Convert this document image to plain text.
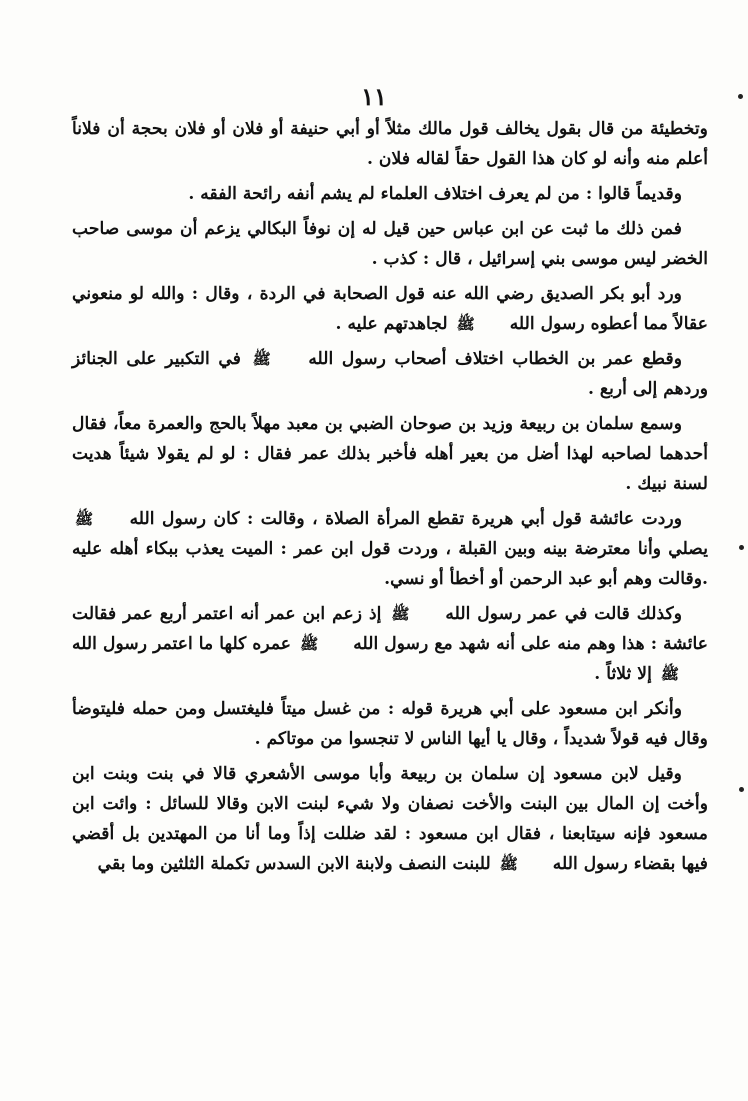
١١

وتخطيئة من قال بقول يخالف قول مالك مثلاً أو أبي حنيفة أو فلان أو فلان بحجة أن فلاناً أعلم منه وأنه لو كان هذا القول حقاً لقاله فلان .

وقديماً قالوا : من لم يعرف اختلاف العلماء لم يشم أنفه رائحة الفقه .

فمن ذلك ما ثبت عن ابن عباس حين قيل له إن نوفاً البكالي يزعم أن موسى صاحب الخضر ليس موسى بني إسرائيل ، قال : كذب .

ورد أبو بكر الصديق رضي الله عنه قول الصحابة في الردة ، وقال : والله لو منعوني عقالاً مما أعطوه رسول الله ﷺ لجاهدتهم عليه .

وقطع عمر بن الخطاب اختلاف أصحاب رسول الله ﷺ في التكبير على الجنائز وردهم إلى أربع .

وسمع سلمان بن ربيعة وزيد بن صوحان الضبي بن معبد مهلاً بالحج والعمرة معاً، فقال أحدهما لصاحبه لهذا أضل من بعير أهله فأخبر بذلك عمر فقال : لو لم يقولا شيئاً هديت لسنة نبيك .

وردت عائشة قول أبي هريرة تقطع المرأة الصلاة ، وقالت : كان رسول الله ﷺ يصلي وأنا معترضة بينه وبين القبلة ، وردت قول ابن عمر : الميت يعذب ببكاء أهله عليه .وقالت وهم أبو عبد الرحمن أو أخطأ أو نسي.

وكذلك قالت في عمر رسول الله ﷺ إذ زعم ابن عمر أنه اعتمر أربع عمر فقالت عائشة : هذا وهم منه على أنه شهد مع رسول الله ﷺ عمره كلها ما اعتمر رسول الله ﷺ إلا ثلاثاً .

وأنكر ابن مسعود على أبي هريرة قوله : من غسل ميتاً فليغتسل ومن حمله فليتوضأ وقال فيه قولاً شديداً ، وقال يا أيها الناس لا تنجسوا من موتاكم .

وقيل لابن مسعود إن سلمان بن ربيعة وأبا موسى الأشعري قالا في بنت وبنت ابن وأخت إن المال بين البنت والأخت نصفان ولا شيء لبنت الابن وقالا للسائل : وائت ابن مسعود فإنه سيتابعنا ، فقال ابن مسعود : لقد ضللت إذاً وما أنا من المهتدين بل أقضي فيها بقضاء رسول الله ﷺ للبنت النصف ولابنة الابن السدس تكملة الثلثين وما بقي
